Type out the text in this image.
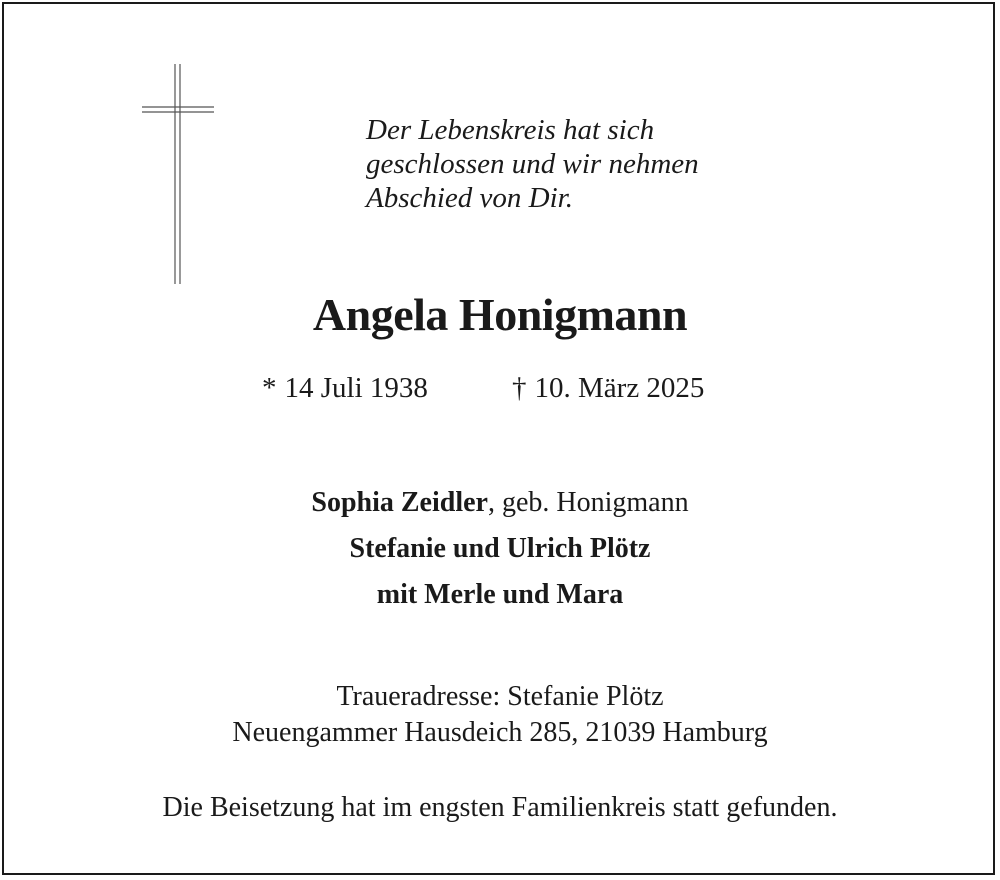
Der Lebenskreis hat sich
geschlossen und wir nehmen
Abschied von Dir.
Angela Honigmann
* 14 Juli 1938	† 10. März 2025
Sophia Zeidler, geb. Honigmann
Stefanie und Ulrich Plötz
mit Merle und Mara
Traueradresse: Stefanie Plötz
Neuengammer Hausdeich 285, 21039 Hamburg
Die Beisetzung hat im engsten Familienkreis statt gefunden.
